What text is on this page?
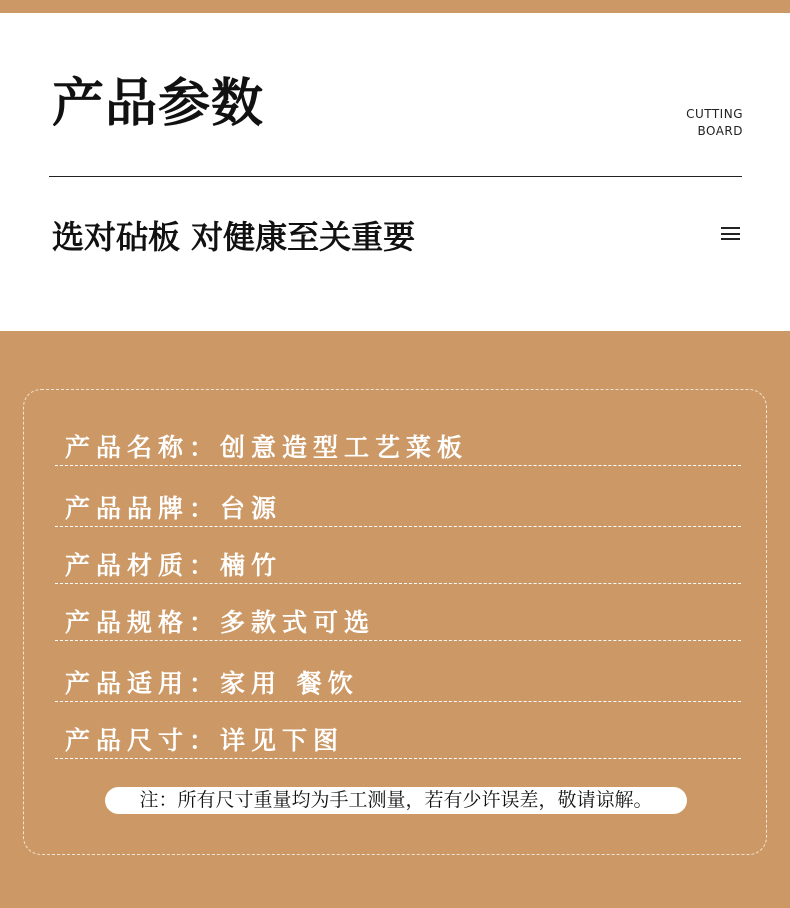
产品参数	CUTTING
BOARD
选对砧板 对健康至关重要
产品名称：创意造型工艺菜板
产品品牌：台源
产品材质：楠竹
产品规格：多款式可选
产品适用：家用 餐饮
产品尺寸：详见下图
注：所有尺寸重量均为手工测量，若有少许误差，敬请谅解。
